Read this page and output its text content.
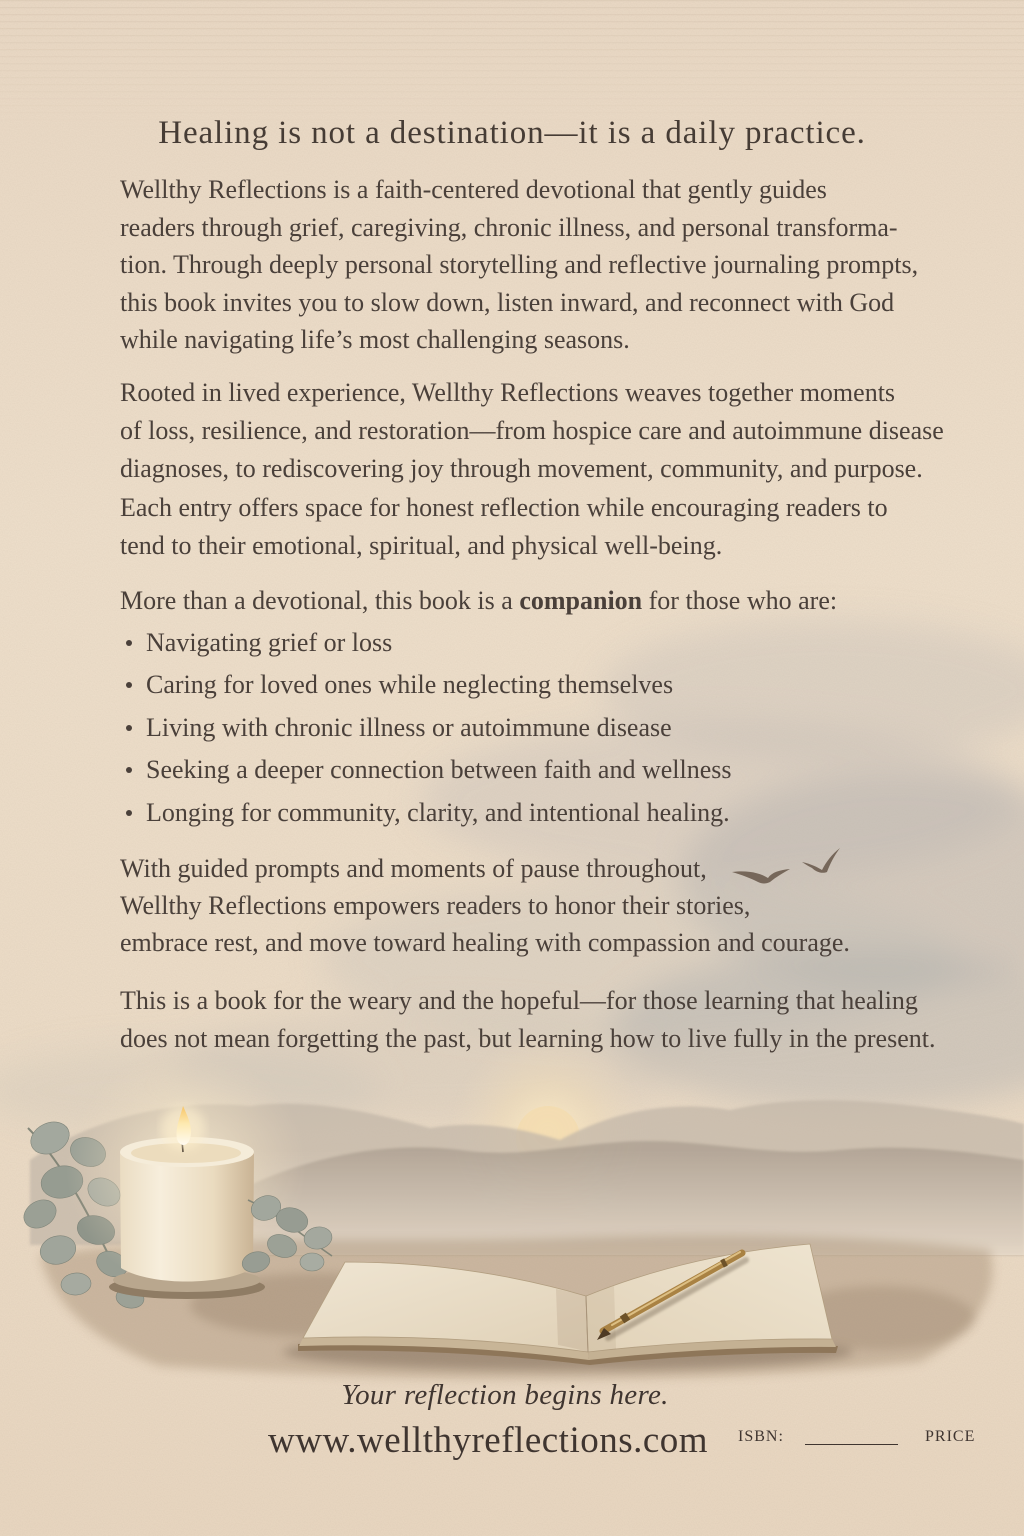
Healing is not a destination—it is a daily practice.
Wellthy Reflections is a faith-centered devotional that gently guides
readers through grief, caregiving, chronic illness, and personal transforma-
tion. Through deeply personal storytelling and reflective journaling prompts,
this book invites you to slow down, listen inward, and reconnect with God
while navigating life’s most challenging seasons.
Rooted in lived experience, Wellthy Reflections weaves together moments
of loss, resilience, and restoration—from hospice care and autoimmune disease
diagnoses, to rediscovering joy through movement, community, and purpose.
Each entry offers space for honest reflection while encouraging readers to
tend to their emotional, spiritual, and physical well-being.
More than a devotional, this book is a companion for those who are:
Navigating grief or loss
Caring for loved ones while neglecting themselves
Living with chronic illness or autoimmune disease
Seeking a deeper connection between faith and wellness
Longing for community, clarity, and intentional healing.
With guided prompts and moments of pause throughout,
Wellthy Reflections empowers readers to honor their stories,
embrace rest, and move toward healing with compassion and courage.
This is a book for the weary and the hopeful—for those learning that healing
does not mean forgetting the past, but learning how to live fully in the present.
Your reflection begins here.
www.wellthyreflections.com ISBN:	PRICE
